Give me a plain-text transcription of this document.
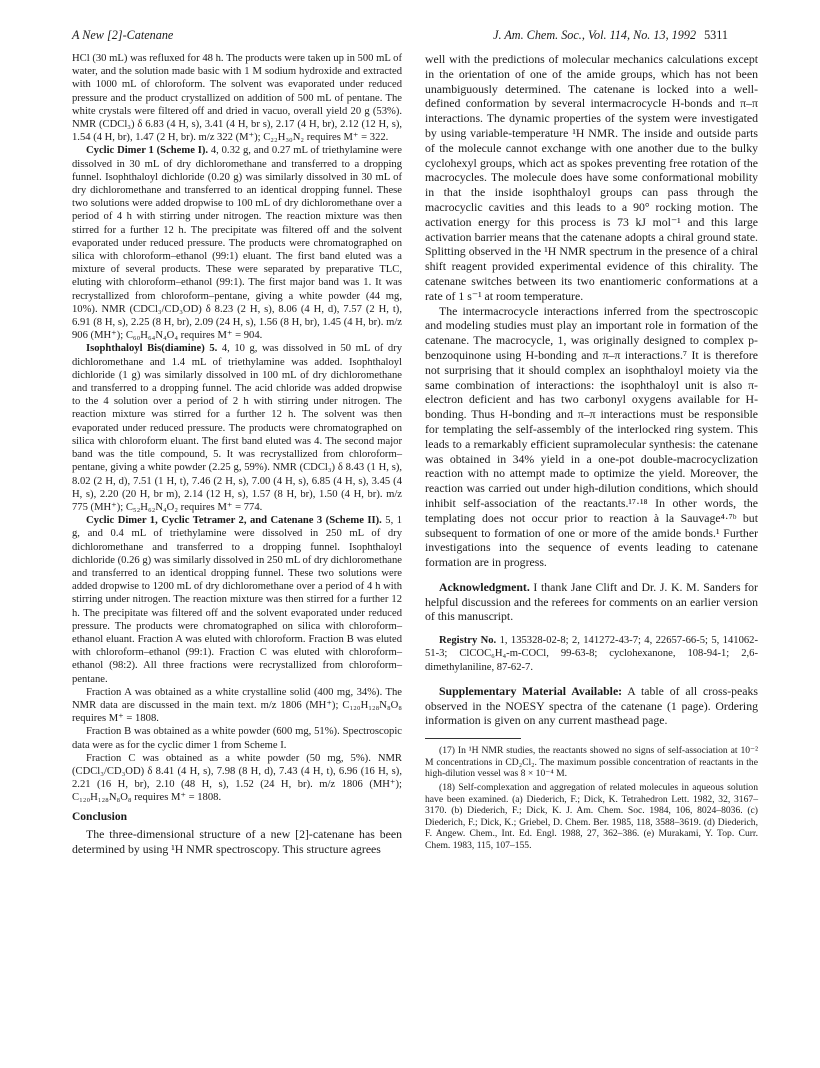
A New [2]-Catenane	J. Am. Chem. Soc., Vol. 114, No. 13, 1992 5311

HCl (30 mL) was refluxed for 48 h. The products were taken up in 500 mL of water, and the solution made basic with 1 M sodium hydroxide and extracted with 1000 mL of chloroform. The solvent was evaporated under reduced pressure and the product crystallized on addition of 500 mL of pentane. The white crystals were filtered off and dried in vacuo, overall yield 20 g (53%). NMR (CDCl₃) δ 6.83 (4 H, s), 3.41 (4 H, br s), 2.17 (4 H, br), 2.12 (12 H, s), 1.54 (4 H, br), 1.47 (2 H, br). m/z 322 (M⁺); C₂₂H₃₀N₂ requires M⁺ = 322.

Cyclic Dimer 1 (Scheme I). 4, 0.32 g, and 0.27 mL of triethylamine were dissolved in 30 mL of dry dichloromethane and transferred to a dropping funnel. Isophthaloyl dichloride (0.20 g) was similarly dissolved in 30 mL of dry dichloromethane and transferred to an identical dropping funnel. These two solutions were added dropwise to 100 mL of dry dichloromethane over a period of 4 h with stirring under nitrogen. The reaction mixture was then stirred for a further 12 h. The precipitate was filtered off and the solvent evaporated under reduced pressure. The products were chromatographed on silica with chloroform–ethanol (99:1) eluant. The first band eluted was a mixture of several products. These were separated by preparative TLC, eluting with chloroform–ethanol (99:1). The first major band was 1. It was recrystallized from chloroform–pentane, giving a white powder (44 mg, 10%). NMR (CDCl₃/CD₃OD) δ 8.23 (2 H, s), 8.06 (4 H, d), 7.57 (2 H, t), 6.91 (8 H, s), 2.25 (8 H, br), 2.09 (24 H, s), 1.56 (8 H, br), 1.45 (4 H, br). m/z 906 (MH⁺); C₆₀H₆₄N₄O₄ requires M⁺ = 904.

Isophthaloyl Bis(diamine) 5. 4, 10 g, was dissolved in 50 mL of dry dichloromethane and 1.4 mL of triethylamine was added. Isophthaloyl dichloride (1 g) was similarly dissolved in 100 mL of dry dichloromethane and transferred to a dropping funnel. The acid chloride was added dropwise to the 4 solution over a period of 2 h with stirring under nitrogen. The reaction mixture was stirred for a further 12 h. The solvent was then evaporated under reduced pressure. The products were chromatographed on silica with chloroform eluant. The first band eluted was 4. The second major band was the title compound, 5. It was recrystallized from chloroform–pentane, giving a white powder (2.25 g, 59%). NMR (CDCl₃) δ 8.43 (1 H, s), 8.02 (2 H, d), 7.51 (1 H, t), 7.46 (2 H, s), 7.00 (4 H, s), 6.85 (4 H, s), 3.45 (4 H, s), 2.20 (20 H, br m), 2.14 (12 H, s), 1.57 (8 H, br), 1.50 (4 H, br). m/z 775 (MH⁺); C₅₂H₆₂N₄O₂ requires M⁺ = 774.

Cyclic Dimer 1, Cyclic Tetramer 2, and Catenane 3 (Scheme II). 5, 1 g, and 0.4 mL of triethylamine were dissolved in 250 mL of dry dichloromethane and transferred to a dropping funnel. Isophthaloyl dichloride (0.26 g) was similarly dissolved in 250 mL of dry dichloromethane and transferred to an identical dropping funnel. These two solutions were added dropwise to 1200 mL of dry dichloromethane over a period of 4 h with stirring under nitrogen. The reaction mixture was then stirred for a further 12 h. The precipitate was filtered off and the solvent evaporated under reduced pressure. The products were chromatographed on silica with chloroform–ethanol eluant. Fraction A was eluted with chloroform. Fraction B was eluted with chloroform–ethanol (99:1). Fraction C was eluted with chloroform–ethanol (98:2). All three fractions were recrystallized from chloroform–pentane.

Fraction A was obtained as a white crystalline solid (400 mg, 34%). The NMR data are discussed in the main text. m/z 1806 (MH⁺); C₁₂₀H₁₂₈N₈O₈ requires M⁺ = 1808.

Fraction B was obtained as a white powder (600 mg, 51%). Spectroscopic data were as for the cyclic dimer 1 from Scheme I.

Fraction C was obtained as a white powder (50 mg, 5%). NMR (CDCl₃/CD₃OD) δ 8.41 (4 H, s), 7.98 (8 H, d), 7.43 (4 H, t), 6.96 (16 H, s), 2.21 (16 H, br), 2.10 (48 H, s), 1.52 (24 H, br). m/z 1806 (MH⁺); C₁₂₀H₁₂₈N₈O₈ requires M⁺ = 1808.

Conclusion

The three-dimensional structure of a new [2]-catenane has been determined by using ¹H NMR spectroscopy. This structure agrees

well with the predictions of molecular mechanics calculations except in the orientation of one of the amide groups, which has not been unambiguously determined. The catenane is locked into a well-defined conformation by several intermacrocycle H-bonds and π–π interactions. The dynamic properties of the system were investigated by using variable-temperature ¹H NMR. The inside and outside parts of the molecule cannot exchange with one another due to the bulky cyclohexyl groups, which act as spokes preventing free rotation of the macrocycles. The molecule does have some conformational mobility in that the inside isophthaloyl groups can pass through the macrocyclic cavities and this leads to a 90° rocking motion. The activation energy for this process is 73 kJ mol⁻¹ and this large activation barrier means that the catenane adopts a chiral ground state. Splitting observed in the ¹H NMR spectrum in the presence of a chiral shift reagent provided experimental evidence of this chirality. The catenane switches between its two enantiomeric conformations at a rate of 1 s⁻¹ at room temperature.

The intermacrocycle interactions inferred from the spectroscopic and modeling studies must play an important role in formation of the catenane. The macrocycle, 1, was originally designed to complex p-benzoquinone using H-bonding and π–π interactions.⁷ It is therefore not surprising that it should complex an isophthaloyl moiety via the same combination of interactions: the isophthaloyl unit is also π-electron deficient and has two carbonyl oxygens available for H-bonding. Thus H-bonding and π–π interactions must be responsible for templating the self-assembly of the interlocked ring system. This leads to a remarkably efficient supramolecular synthesis: the catenane was obtained in 34% yield in a one-pot double-macrocyclization reaction with no attempt made to optimize the yield. Moreover, the reaction was carried out under high-dilution conditions, which should inhibit self-association of the reactants.¹⁷·¹⁸ In other words, the templating does not occur prior to reaction à la Sauvage⁴·⁷ᵇ but subsequent to formation of one or more of the amide bonds.¹ Further investigations into the sequence of events leading to catenane formation are in progress.

Acknowledgment. I thank Jane Clift and Dr. J. K. M. Sanders for helpful discussion and the referees for comments on an earlier version of this manuscript.

Registry No. 1, 135328-02-8; 2, 141272-43-7; 4, 22657-66-5; 5, 141062-51-3; ClCOC₆H₄-m-COCl, 99-63-8; cyclohexanone, 108-94-1; 2,6-dimethylaniline, 87-62-7.

Supplementary Material Available: A table of all cross-peaks observed in the NOESY spectra of the catenane (1 page). Ordering information is given on any current masthead page.

(17) In ¹H NMR studies, the reactants showed no signs of self-association at 10⁻² M concentrations in CD₂Cl₂. The maximum possible concentration of reactants in the high-dilution vessel was 8 × 10⁻⁴ M.

(18) Self-complexation and aggregation of related molecules in aqueous solution have been examined. (a) Diederich, F.; Dick, K. Tetrahedron Lett. 1982, 32, 3167–3170. (b) Diederich, F.; Dick, K. J. Am. Chem. Soc. 1984, 106, 8024–8036. (c) Diederich, F.; Dick, K.; Griebel, D. Chem. Ber. 1985, 118, 3588–3619. (d) Diederich, F. Angew. Chem., Int. Ed. Engl. 1988, 27, 362–386. (e) Murakami, Y. Top. Curr. Chem. 1983, 115, 107–155.
